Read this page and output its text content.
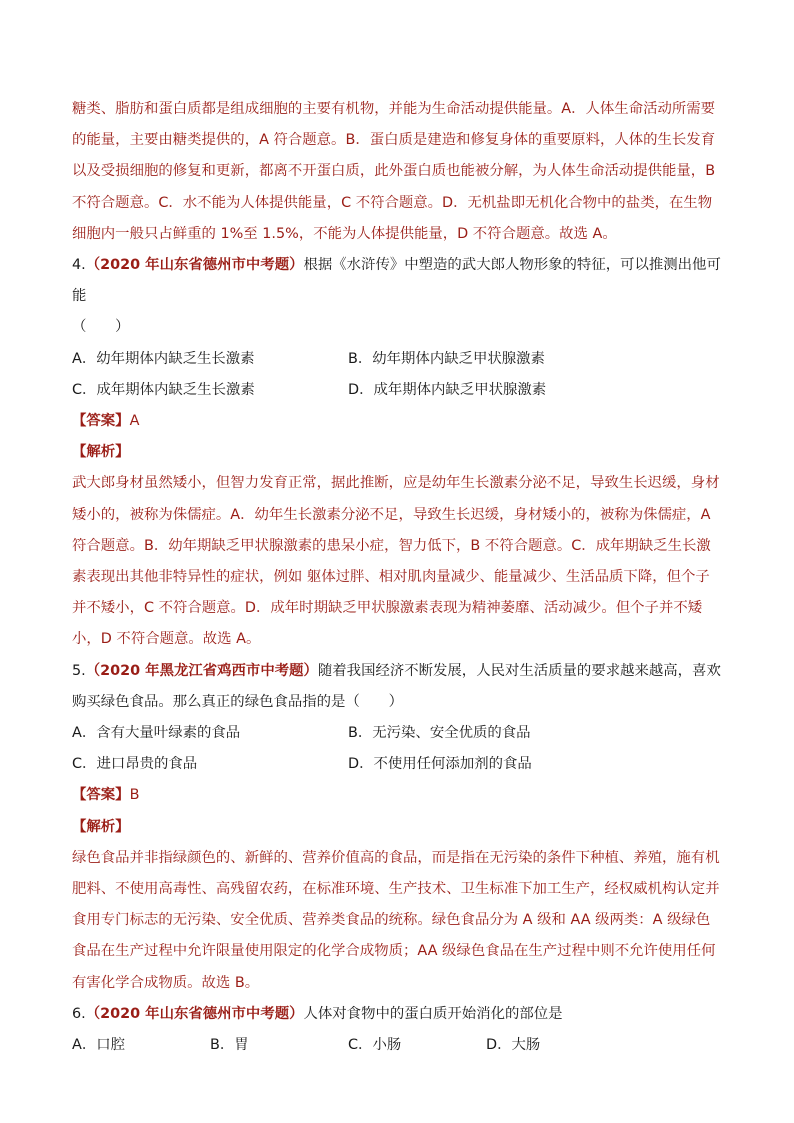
糖类、脂肪和蛋白质都是组成细胞的主要有机物，并能为生命活动提供能量。A．人体生命活动所需要的能量，主要由糖类提供的，A 符合题意。B．蛋白质是建造和修复身体的重要原料，人体的生长发育以及受损细胞的修复和更新，都离不开蛋白质，此外蛋白质也能被分解，为人体生命活动提供能量，B 不符合题意。C．水不能为人体提供能量，C 不符合题意。D．无机盐即无机化合物中的盐类，在生物细胞内一般只占鲜重的 1%至 1.5%，不能为人体提供能量，D 不符合题意。故选 A。

4.（2020 年山东省德州市中考题）根据《水浒传》中塑造的武大郎人物形象的特征，可以推测出他可能
（　　）

A．幼年期体内缺乏生长激素	B．幼年期体内缺乏甲状腺激素
C．成年期体内缺乏生长激素	D．成年期体内缺乏甲状腺激素

【答案】A

【解析】

武大郎身材虽然矮小，但智力发育正常，据此推断，应是幼年生长激素分泌不足，导致生长迟缓，身材矮小的，被称为侏儒症。A．幼年生长激素分泌不足，导致生长迟缓，身材矮小的，被称为侏儒症，A 符合题意。B．幼年期缺乏甲状腺激素的患呆小症，智力低下，B 不符合题意。C．成年期缺乏生长激素表现出其他非特异性的症状，例如 躯体过胖、相对肌肉量减少、能量减少、生活品质下降，但个子并不矮小，C 不符合题意。D．成年时期缺乏甲状腺激素表现为精神萎靡、活动减少。但个子并不矮小，D 不符合题意。故选 A。

5.（2020 年黑龙江省鸡西市中考题）随着我国经济不断发展，人民对生活质量的要求越来越高，喜欢购买绿色食品。那么真正的绿色食品指的是（　　）

A．含有大量叶绿素的食品	B．无污染、安全优质的食品
C．进口昂贵的食品	D．不使用任何添加剂的食品

【答案】B

【解析】

绿色食品并非指绿颜色的、新鲜的、营养价值高的食品，而是指在无污染的条件下种植、养殖，施有机肥料、不使用高毒性、高残留农药，在标准环境、生产技术、卫生标准下加工生产，经权威机构认定并食用专门标志的无污染、安全优质、营养类食品的统称。绿色食品分为 A 级和 AA 级两类：A 级绿色食品在生产过程中允许限量使用限定的化学合成物质；AA 级绿色食品在生产过程中则不允许使用任何有害化学合成物质。故选 B。

6.（2020 年山东省德州市中考题）人体对食物中的蛋白质开始消化的部位是

A．口腔	B．胃	C．小肠	D．大肠
